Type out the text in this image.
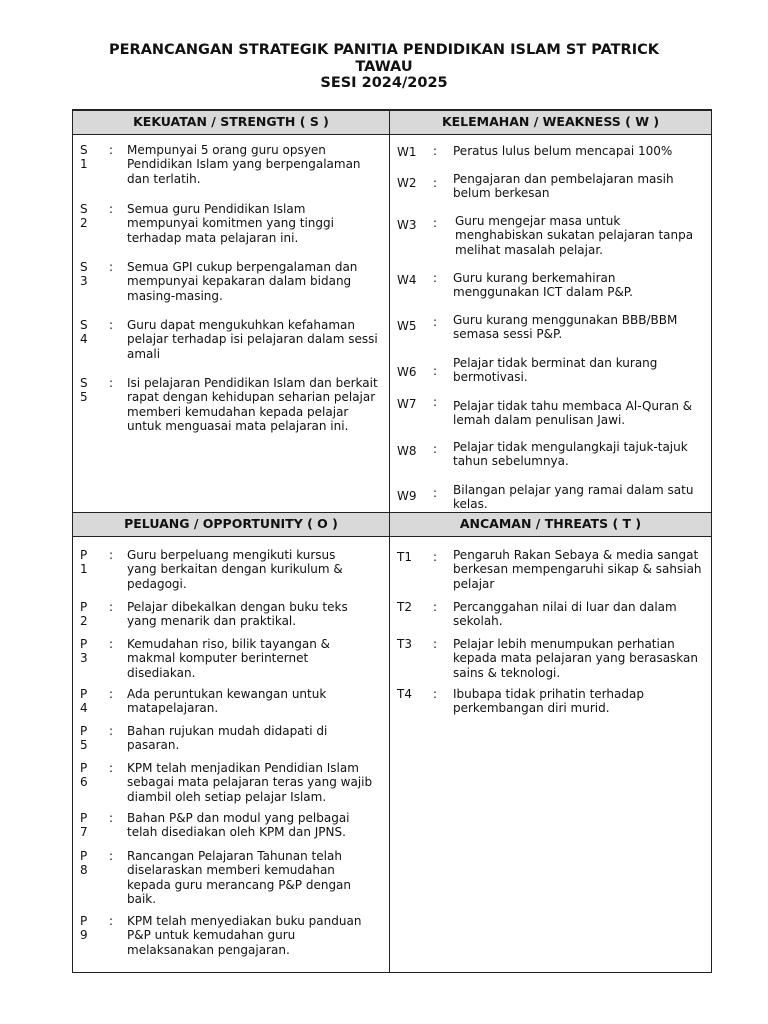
PERANCANGAN STRATEGIK PANITIA PENDIDIKAN ISLAM ST PATRICK
TAWAU
SESI 2024/2025
KEKUATAN / STRENGTH ( S )	KELEMAHAN / WEAKNESS ( W )
PELUANG / OPPORTUNITY ( O )	ANCAMAN / THREATS ( T )
S 1
: Mempunyai 5 orang guru opsyen Pendidikan Islam yang berpengalaman dan terlatih.
S 2
: Semua guru Pendidikan Islam mempunyai komitmen yang tinggi terhadap mata pelajaran ini.
S 3
: Semua GPI cukup berpengalaman dan mempunyai kepakaran dalam bidang masing-masing.
S 4
: Guru dapat mengukuhkan kefahaman pelajar terhadap isi pelajaran dalam sessi amali
S 5
: Isi pelajaran Pendidikan Islam dan berkait rapat dengan kehidupan seharian pelajar memberi kemudahan kepada pelajar untuk menguasai mata pelajaran ini.
W1 : Peratus lulus belum mencapai 100%
W2 : Pengajaran dan pembelajaran masih belum berkesan
W3 : Guru mengejar masa untuk menghabiskan sukatan pelajaran tanpa melihat masalah pelajar.
W4 : Guru kurang berkemahiran menggunakan ICT dalam P&P.
W5 : Guru kurang menggunakan BBB/BBM semasa sessi P&P.
W6 :
Pelajar tidak berminat dan kurang bermotivasi.
W7 : Pelajar tidak tahu membaca Al-Quran & lemah dalam penulisan Jawi.
W8 : Pelajar tidak mengulangkaji tajuk-tajuk tahun sebelumnya.
W9 : Bilangan pelajar yang ramai dalam satu kelas.
P 1
: Guru berpeluang mengikuti kursus yang berkaitan dengan kurikulum & pedagogi.
P 2
: Pelajar dibekalkan dengan buku teks yang menarik dan praktikal.
P 3
: Kemudahan riso, bilik tayangan & makmal komputer berinternet disediakan.
P 4
: Ada peruntukan kewangan untuk matapelajaran.
P 5
: Bahan rujukan mudah didapati di pasaran.
P 6
: KPM telah menjadikan Pendidian Islam sebagai mata pelajaran teras yang wajib diambil oleh setiap pelajar Islam.
P 7
: Bahan P&P dan modul yang pelbagai telah disediakan oleh KPM dan JPNS.
P 8
: Rancangan Pelajaran Tahunan telah diselaraskan memberi kemudahan kepada guru merancang P&P dengan baik.
P 9
: KPM telah menyediakan buku panduan P&P untuk kemudahan guru melaksanakan pengajaran.
T1 : Pengaruh Rakan Sebaya & media sangat berkesan mempengaruhi sikap & sahsiah pelajar
T2 : Percanggahan nilai di luar dan dalam sekolah.
T3 : Pelajar lebih menumpukan perhatian kepada mata pelajaran yang berasaskan sains & teknologi.
T4 : Ibubapa tidak prihatin terhadap perkembangan diri murid.
